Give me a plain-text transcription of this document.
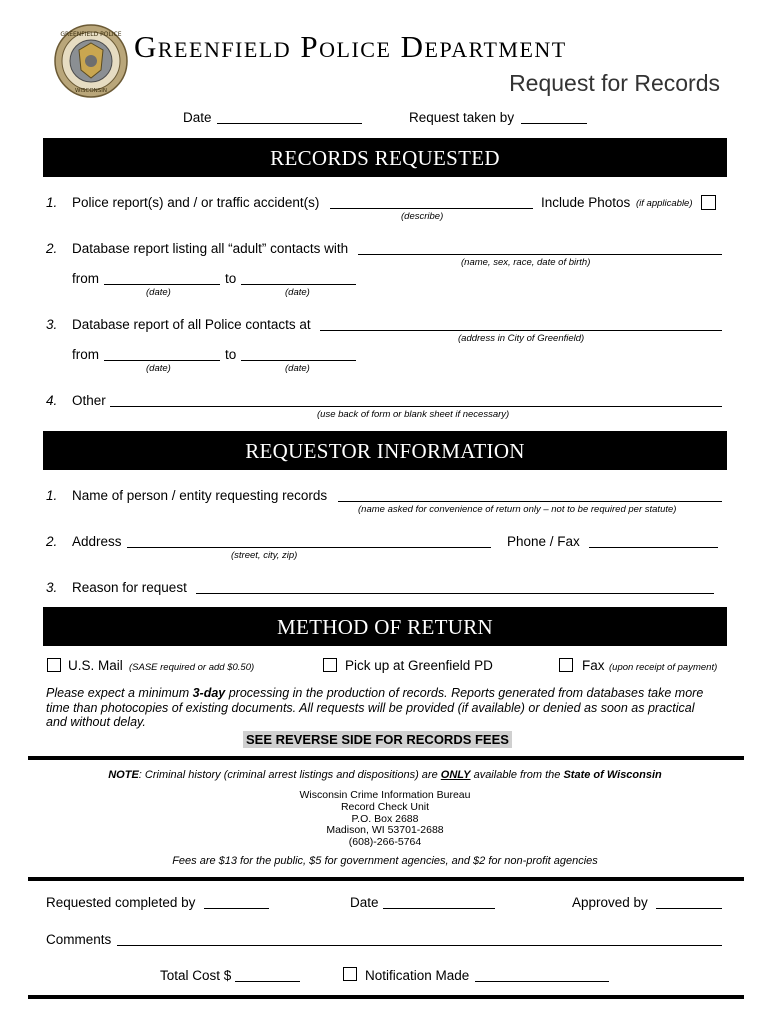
GREENFIELD POLICE
WISCONSIN
Greenfield Police Department
Request for Records
Date	Request taken by
RECORDS REQUESTED
1. Police report(s) and / or traffic accident(s)
(describe)
Include Photos (if applicable)
2. Database report listing all “adult” contacts with
(name, sex, race, date of birth)
from
(date)
to
(date)
3. Database report of all Police contacts at
(address in City of Greenfield)
from
(date)
to
(date)
4. Other
(use back of form or blank sheet if necessary)
REQUESTOR INFORMATION
1. Name of person / entity requesting records
(name asked for convenience of return only – not to be required per statute)
2. Address
(street, city, zip)
Phone / Fax
3. Reason for request
METHOD OF RETURN
U.S. Mail (SASE required or add $0.50)	Pick up at Greenfield PD	Fax (upon receipt of payment)
Please expect a minimum 3-day processing in the production of records. Reports generated from databases take more
time than photocopies of existing documents. All requests will be provided (if available) or denied as soon as practical
and without delay.
SEE REVERSE SIDE FOR RECORDS FEES
NOTE: Criminal history (criminal arrest listings and dispositions) are ONLY available from the State of Wisconsin
Wisconsin Crime Information Bureau
Record Check Unit
P.O. Box 2688
Madison, WI 53701-2688
(608)-266-5764
Fees are $13 for the public, $5 for government agencies, and $2 for non-profit agencies
Requested completed by	Date	Approved by
Comments
Total Cost $	Notification Made
